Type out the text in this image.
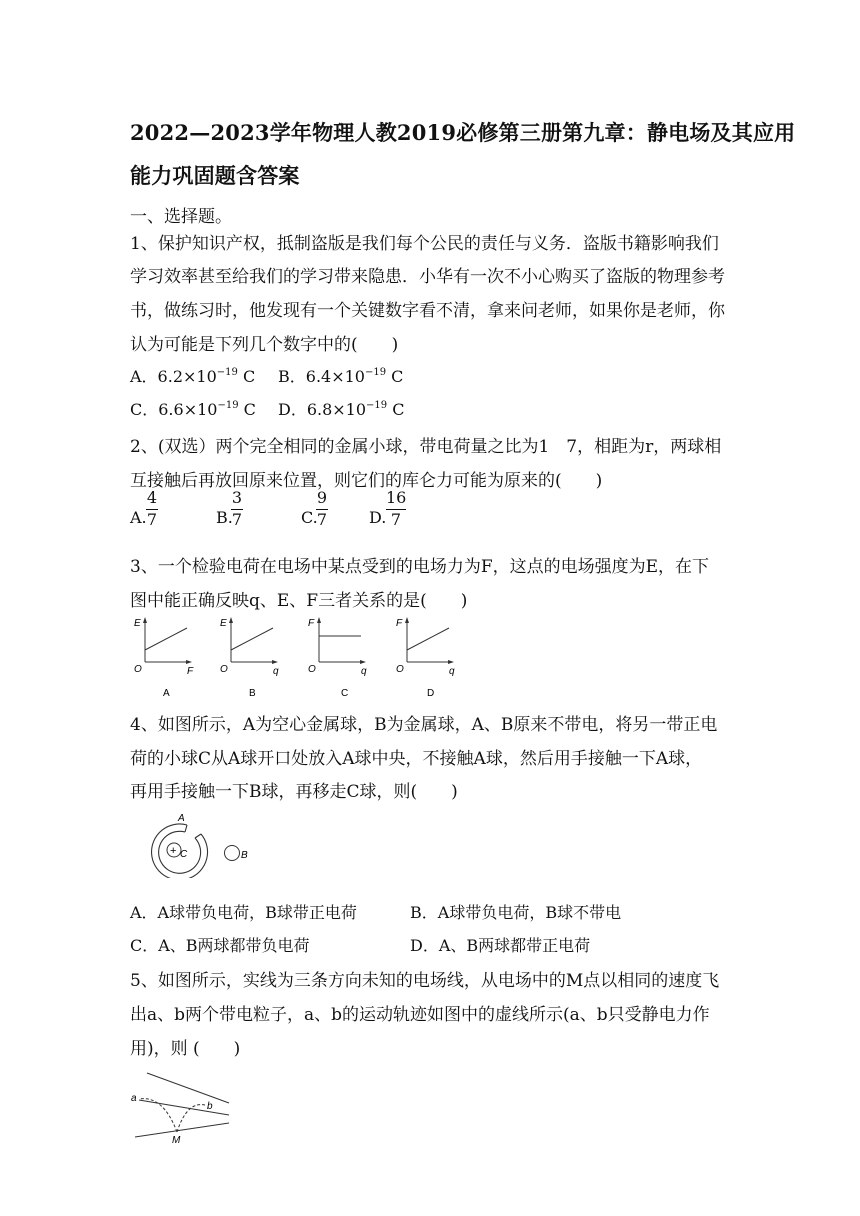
2022—2023学年物理人教2019必修第三册第九章：静电场及其应用
能力巩固题含答案
一、选择题。
1、保护知识产权，抵制盗版是我们每个公民的责任与义务．盗版书籍影响我们
学习效率甚至给我们的学习带来隐患．小华有一次不小心购买了盗版的物理参考
书，做练习时，他发现有一个关键数字看不清，拿来问老师，如果你是老师，你
认为可能是下列几个数字中的(　　)
A．$6.2\times 10^{-19}$ C B．$6.4\times 10^{-19}$ C
C．$6.6\times 10^{-19}$ C D．$6.8\times 10^{-19}$ C
2、(双选）两个完全相同的金属小球，带电荷量之比为1　7，相距为r，两球相
互接触后再放回原来位置，则它们的库仑力可能为原来的(　　)
A.
4
7	B.
3
7	C.
9
7	D.
16
7
3、一个检验电荷在电场中某点受到的电场力为F，这点的电场强度为E，在下
图中能正确反映q、E、F三者关系的是(　　)
E
F
O
A
E
q
O
B
F
q
O
C
F
q
O
D
4、如图所示，A为空心金属球，B为金属球，A、B原来不带电，将另一带正电
荷的小球C从A球开口处放入A球中央，不接触A球，然后用手接触一下A球，
再用手接触一下B球，再移走C球，则(　　)
+
A
C	B
A．A球带负电荷，B球带正电荷	B．A球带负电荷，B球不带电
C．A、B两球都带负电荷	D．A、B两球都带正电荷
5、如图所示，实线为三条方向未知的电场线，从电场中的M点以相同的速度飞
出a、b两个带电粒子，a、b的运动轨迹如图中的虚线所示(a、b只受静电力作
用)，则 (　　)
a
b
M
